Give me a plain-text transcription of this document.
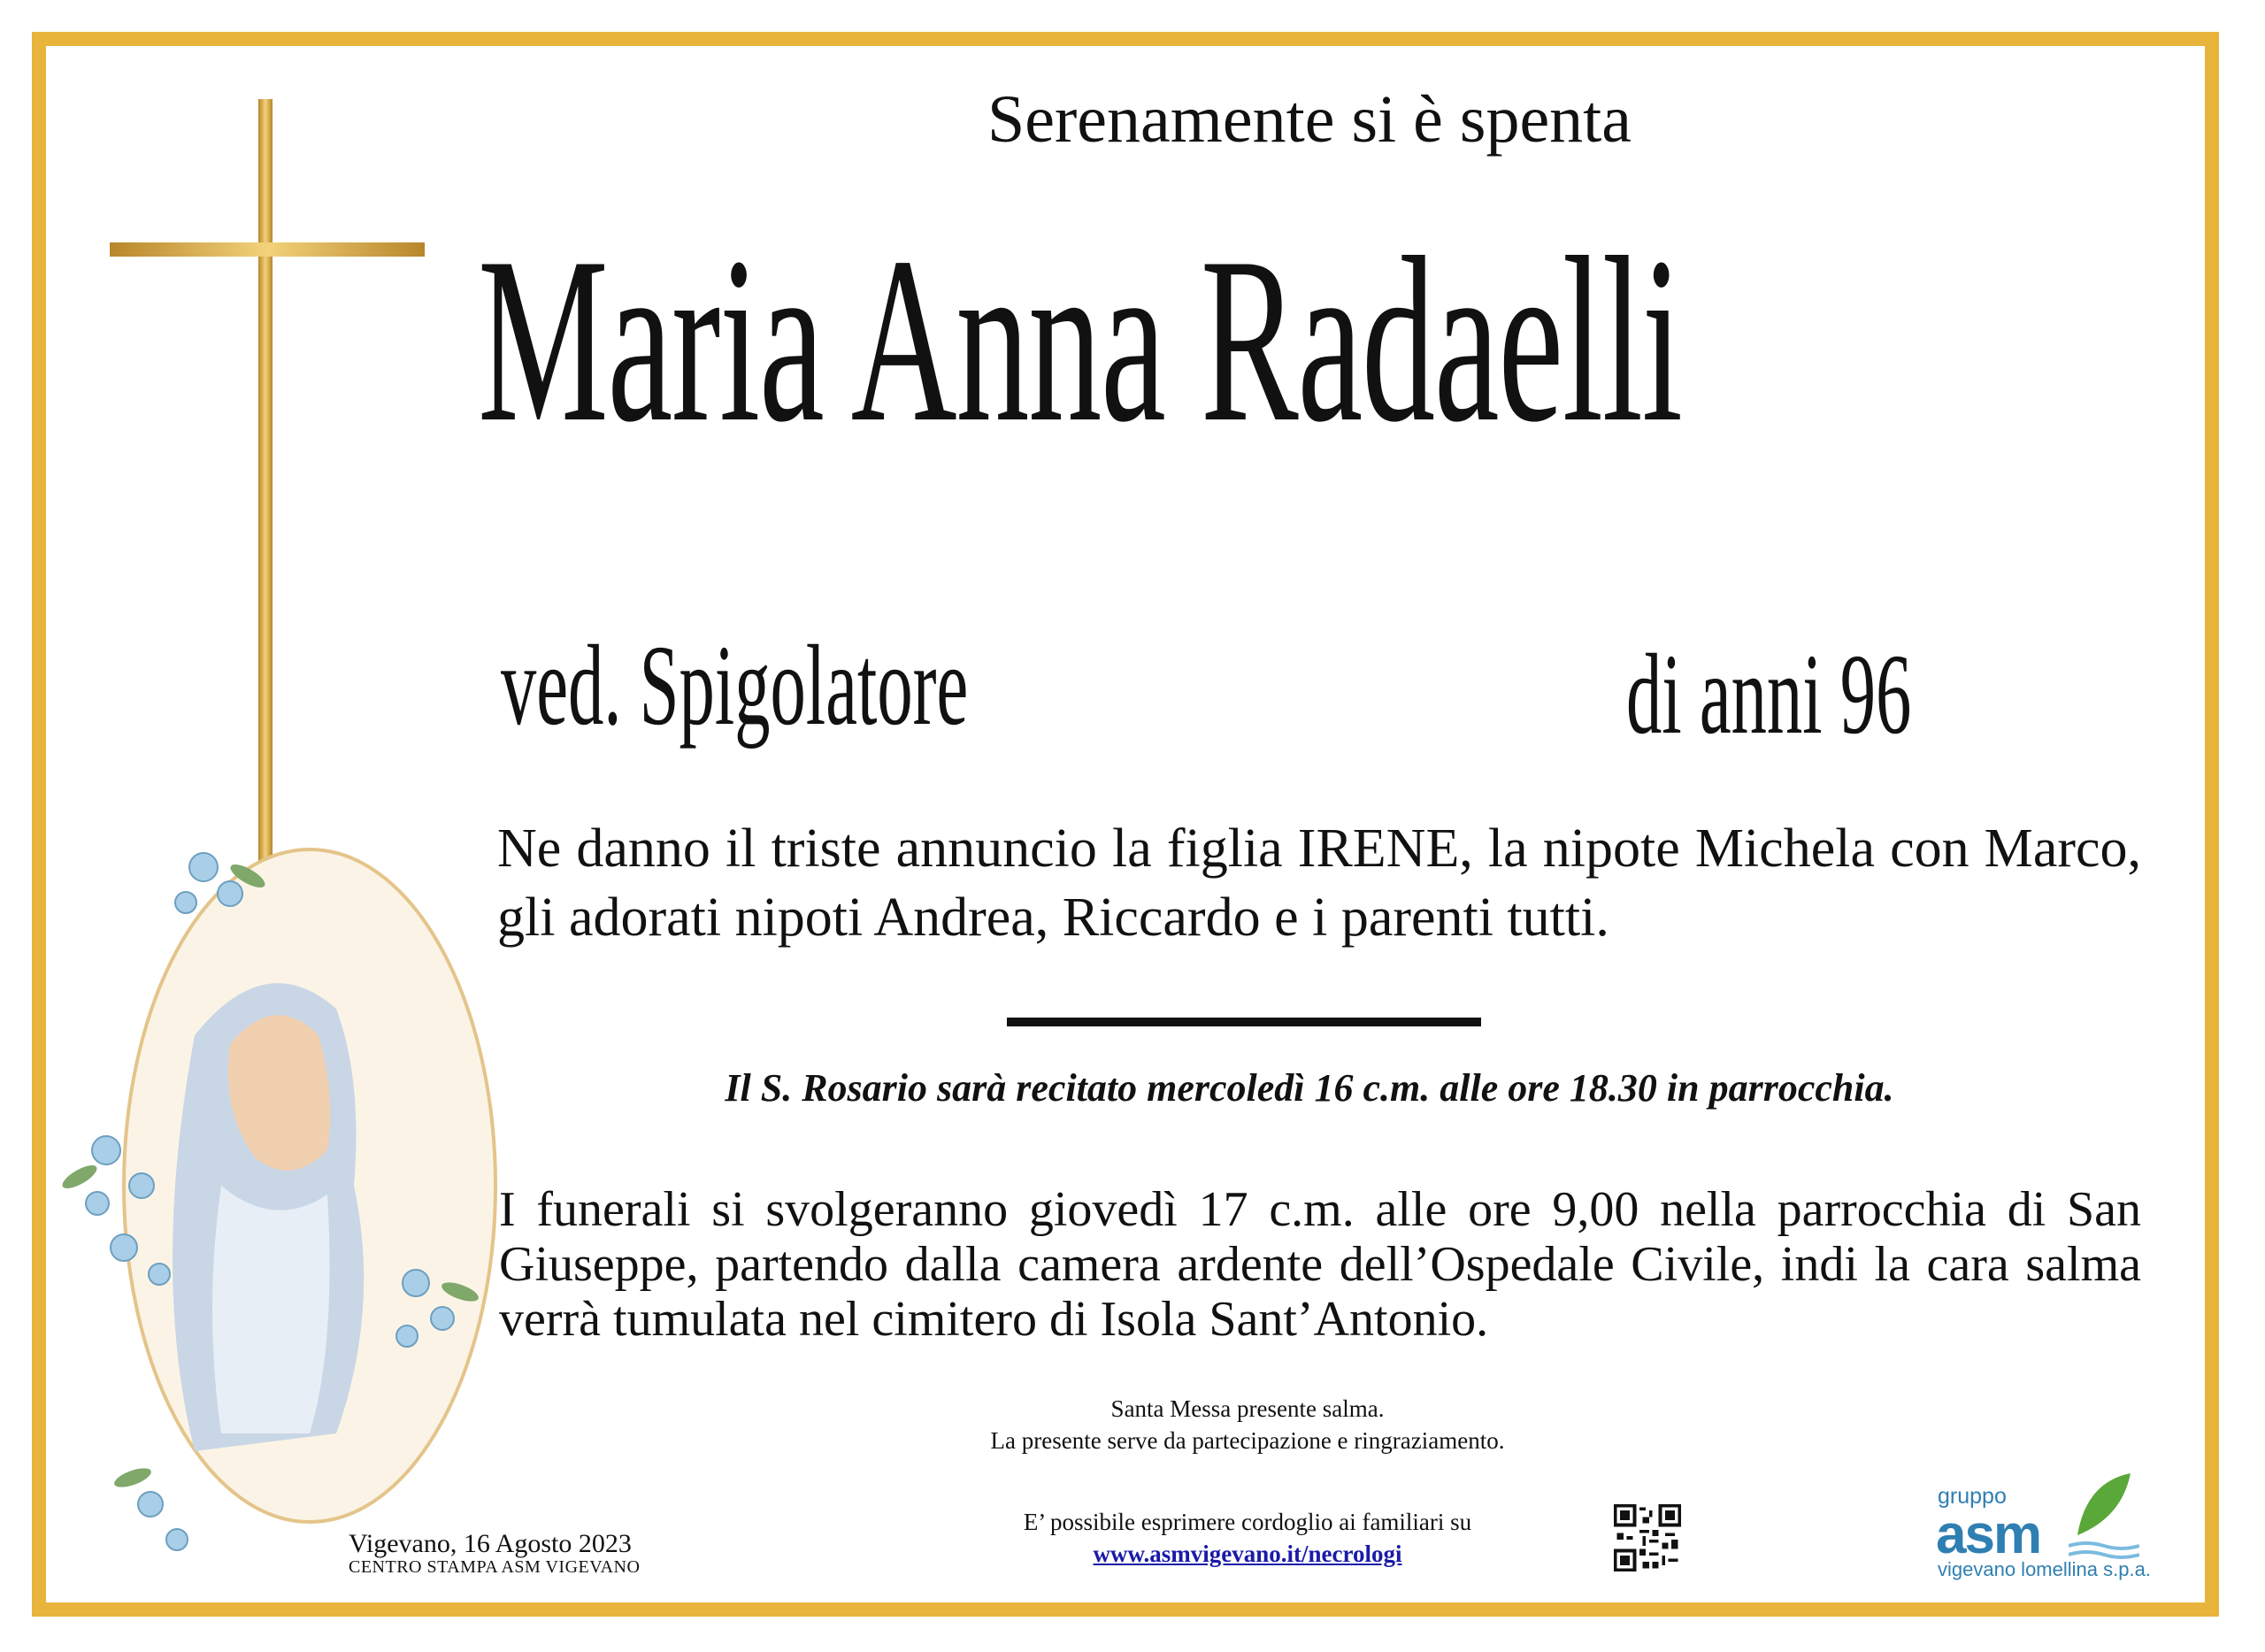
Serenamente si è spenta
Maria Anna Radaelli
ved. Spigolatore	di anni 96
Ne danno il triste annuncio la figlia IRENE, la nipote Michela con Marco, gli adorati nipoti Andrea, Riccardo e i parenti tutti.
Il S. Rosario sarà recitato mercoledì 16 c.m. alle ore 18.30 in parrocchia.
I funerali si svolgeranno giovedì 17 c.m. alle ore 9,00 nella parrocchia di San Giuseppe, partendo dalla camera ardente dell’Ospedale Civile, indi la cara salma verrà tumulata nel cimitero di Isola Sant’Antonio.
Santa Messa presente salma.
La presente serve da partecipazione e ringraziamento.
Vigevano, 16 Agosto 2023
CENTRO STAMPA ASM VIGEVANO
E’ possibile esprimere cordoglio ai familiari su
www.asmvigevano.it/necrologi
gruppo
asm
vigevano lomellina s.p.a.
